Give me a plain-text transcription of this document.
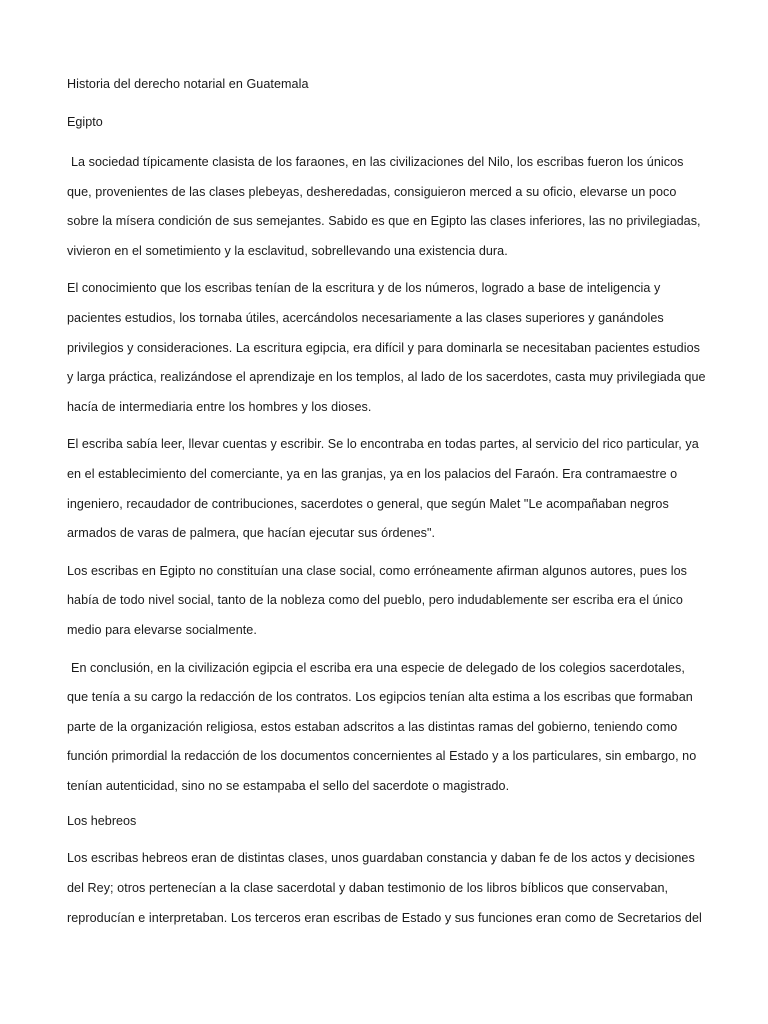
Historia del derecho notarial en Guatemala
Egipto

La sociedad típicamente clasista de los faraones, en las civilizaciones del Nilo, los escribas fueron los únicos que, provenientes de las clases plebeyas, desheredadas, consiguieron merced a su oficio, elevarse un poco sobre la mísera condición de sus semejantes. Sabido es que en Egipto las clases inferiores, las no privilegiadas, vivieron en el sometimiento y la esclavitud, sobrellevando una existencia dura.

El conocimiento que los escribas tenían de la escritura y de los números, logrado a base de inteligencia y pacientes estudios, los tornaba útiles, acercándolos necesariamente a las clases superiores y ganándoles privilegios y consideraciones. La escritura egipcia, era difícil y para dominarla se necesitaban pacientes estudios y larga práctica, realizándose el aprendizaje en los templos, al lado de los sacerdotes, casta muy privilegiada que hacía de intermediaria entre los hombres y los dioses.

El escriba sabía leer, llevar cuentas y escribir. Se lo encontraba en todas partes, al servicio del rico particular, ya en el establecimiento del comerciante, ya en las granjas, ya en los palacios del Faraón. Era contramaestre o ingeniero, recaudador de contribuciones, sacerdotes o general, que según Malet "Le acompañaban negros armados de varas de palmera, que hacían ejecutar sus órdenes".

Los escribas en Egipto no constituían una clase social, como erróneamente afirman algunos autores, pues los había de todo nivel social, tanto de la nobleza como del pueblo, pero indudablemente ser escriba era el único medio para elevarse socialmente.

En conclusión, en la civilización egipcia el escriba era una especie de delegado de los colegios sacerdotales, que tenía a su cargo la redacción de los contratos. Los egipcios tenían alta estima a los escribas que formaban parte de la organización religiosa, estos estaban adscritos a las distintas ramas del gobierno, teniendo como función primordial la redacción de los documentos concernientes al Estado y a los particulares, sin embargo, no tenían autenticidad, sino no se estampaba el sello del sacerdote o magistrado.

Los hebreos

Los escribas hebreos eran de distintas clases, unos guardaban constancia y daban fe de los actos y decisiones del Rey; otros pertenecían a la clase sacerdotal y daban testimonio de los libros bíblicos que conservaban, reproducían e interpretaban. Los terceros eran escribas de Estado y sus funciones eran como de Secretarios del
